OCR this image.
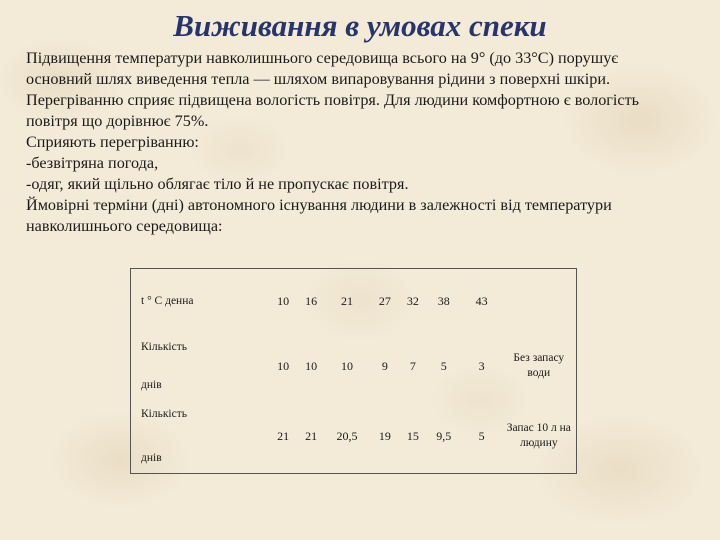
Виживання в умовах спеки
Підвищення температури навколишнього середовища всього на 9° (до 33°С) порушує
основний шлях виведення тепла — шляхом випаровування рідини з поверхні шкіри.
Перегріванню сприяє підвищена вологість повітря. Для людини комфортною є вологість
повітря що дорівнює 75%.
Сприяють перегріванню:
-безвітряна погода,
-одяг, який щільно облягає тіло й не пропускає повітря.
Ймовірні терміни (дні) автономного існування людини в залежності від температури
навколишнього середовища:
t ° C денна	10	16	21	27	32	38	43	

Кількість
днів	10	10	10	9	7	5	3	Без запасу води

Кількість
днів	21	21	20,5	19	15	9,5	5	Запас 10 л на людину
